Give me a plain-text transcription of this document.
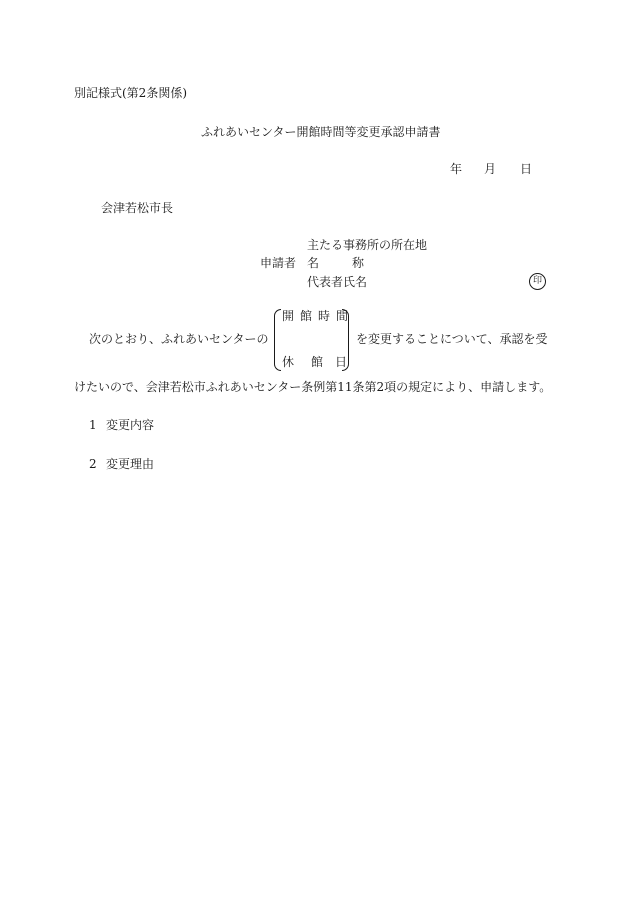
別記様式(第2条関係)
ふれあいセンター開館時間等変更承認申請書
年 月 日
会津若松市長
主たる事務所の所在地
申請者 名	称
代表者氏名	印
次のとおり、ふれあいセンターの
開館時間
休 館 日
を変更することについて、承認を受
けたいので、会津若松市ふれあいセンター条例第11条第2項の規定により、申請します。
1 変更内容
2 変更理由
